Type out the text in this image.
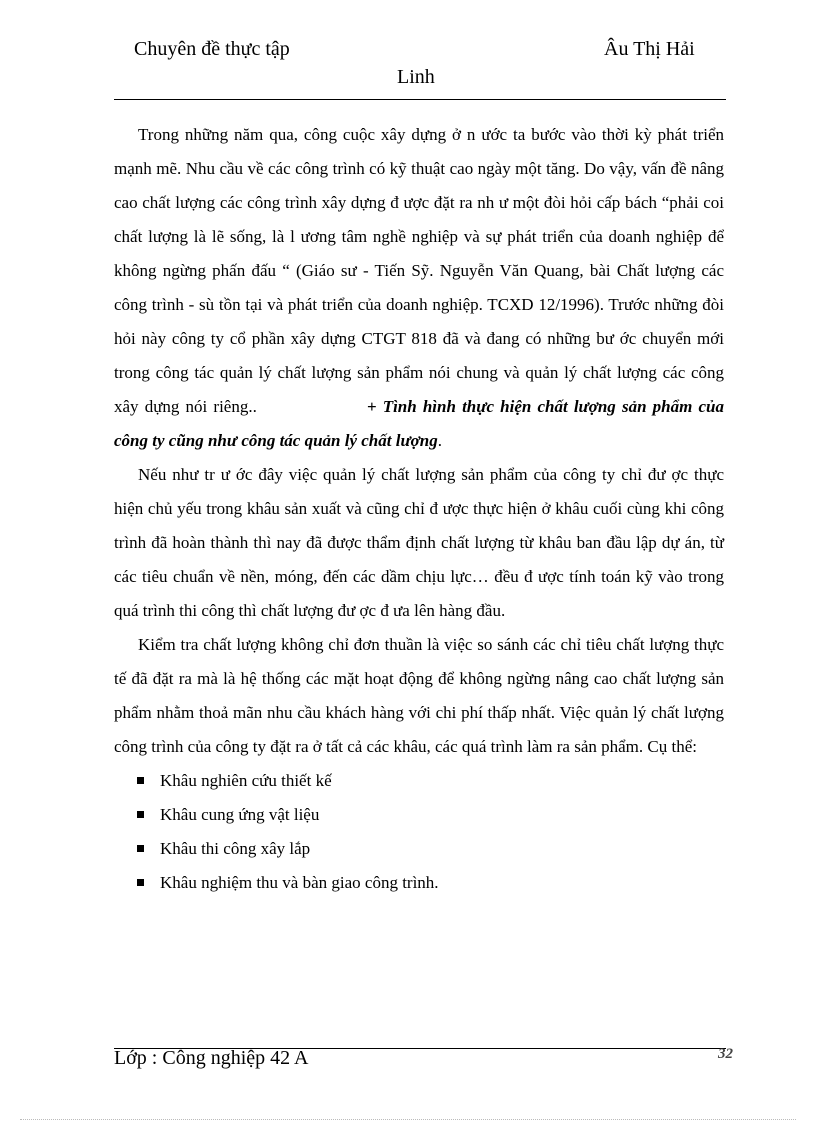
Chuyên đề thực tập	Âu Thị Hải
Linh

Trong những năm qua, công cuộc xây dựng ở n ước ta bước vào thời kỳ phát triển mạnh mẽ. Nhu cầu về các công trình có kỹ thuật cao ngày một tăng. Do vậy, vấn đề nâng cao chất lượng các công trình xây dựng đ ược đặt ra nh ư một đòi hỏi cấp bách “phải coi chất lượng là lẽ sống, là l ương tâm nghề nghiệp và sự phát triển của doanh nghiệp để không ngừng phấn đấu “ (Giáo sư - Tiến Sỹ. Nguyễn Văn Quang, bài Chất lượng các công trình - sù tồn tại và phát triển của doanh nghiệp. TCXD 12/1996). Trước những đòi hỏi này công ty cổ phần xây dựng CTGT 818 đã và đang có những bư ớc chuyển mới trong công tác quản lý chất lượng sản phẩm nói chung và quản lý chất lượng các công xây dựng nói riêng..	+ Tình hình thực hiện chất lượng sản phẩm của công ty cũng như công tác quản lý chất lượng.

Nếu như tr ư ớc đây việc quản lý chất lượng sản phẩm của công ty chỉ đư ợc thực hiện chủ yếu trong khâu sản xuất và cũng chỉ đ ược thực hiện ở khâu cuối cùng khi công trình đã hoàn thành thì nay đã được thẩm định chất lượng từ khâu ban đầu lập dự án, từ các tiêu chuẩn về nền, móng, đến các dầm chịu lực… đều đ ược tính toán kỹ vào trong quá trình thi công thì chất lượng đư ợc đ ưa lên hàng đầu.

Kiểm tra chất lượng không chỉ đơn thuần là việc so sánh các chỉ tiêu chất lượng thực tế đã đặt ra mà là hệ thống các mặt hoạt động để không ngừng nâng cao chất lượng sản phẩm nhằm thoả mãn nhu cầu khách hàng với chi phí thấp nhất. Việc quản lý chất lượng công trình của công ty đặt ra ở tất cả các khâu, các quá trình làm ra sản phẩm. Cụ thể:

Khâu nghiên cứu thiết kế
Khâu cung ứng vật liệu
Khâu thi công xây lắp
Khâu nghiệm thu và bàn giao công trình.
Lớp : Công nghiệp 42 A	32
